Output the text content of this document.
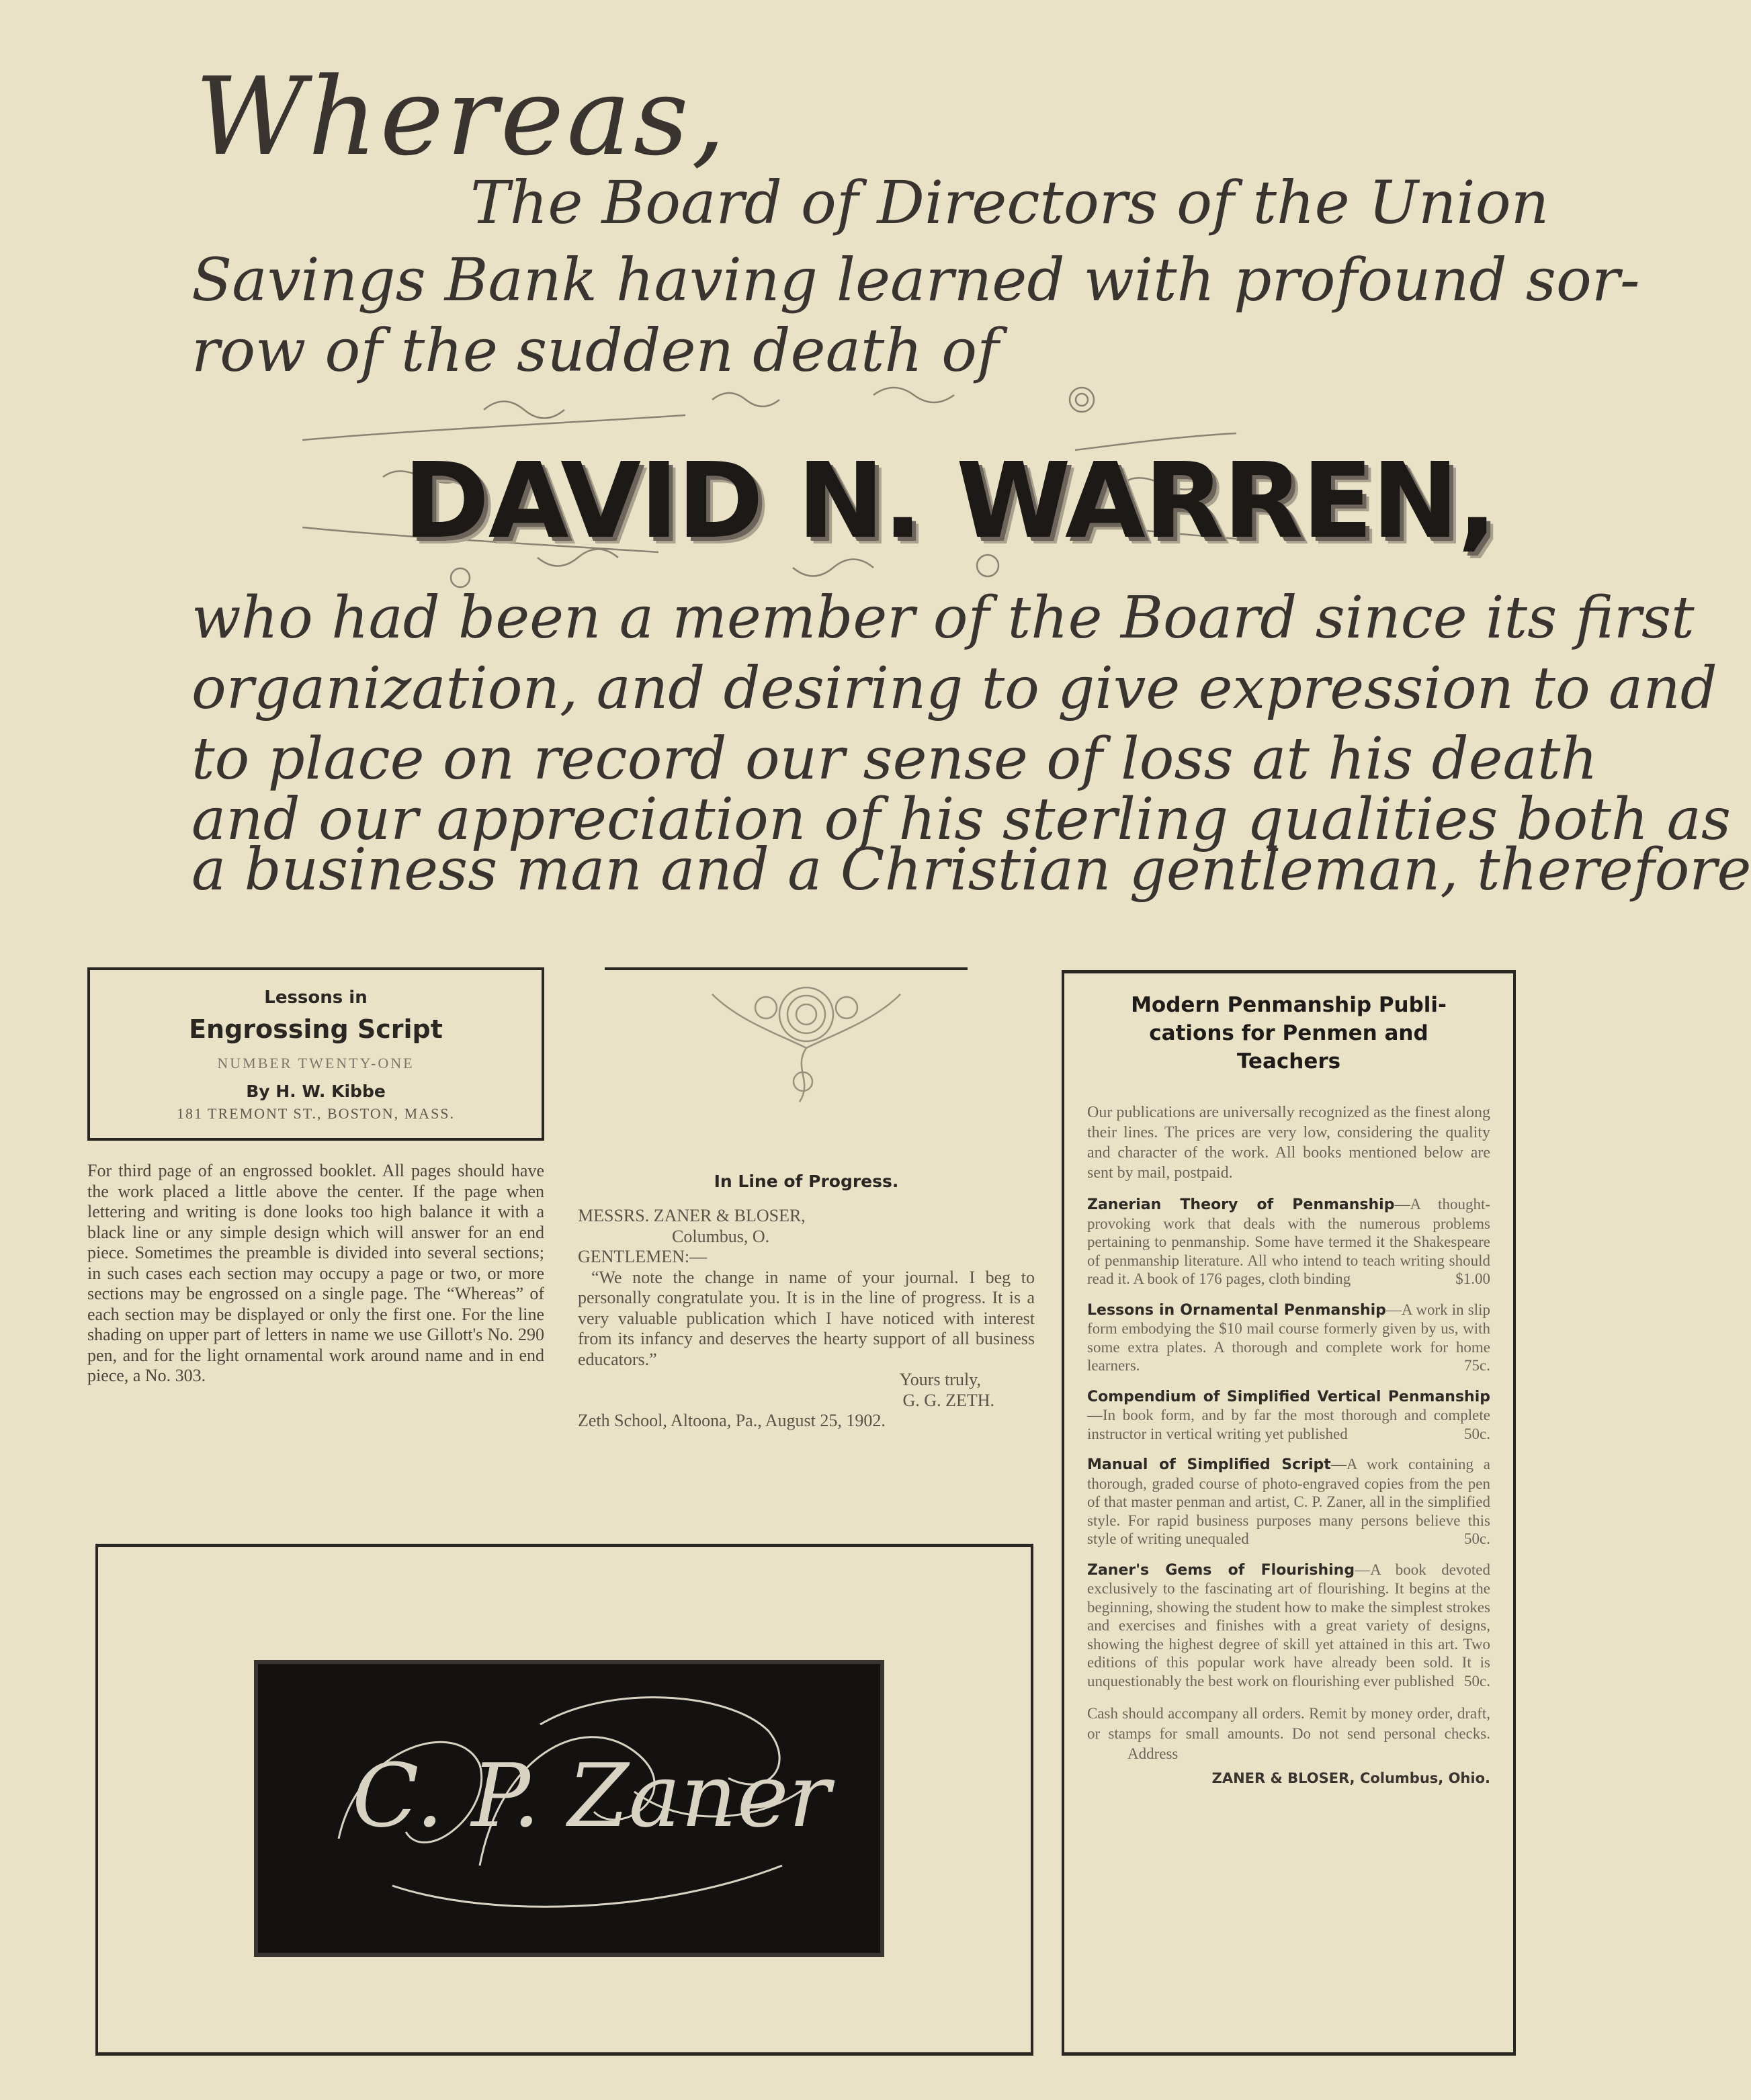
Whereas,
The Board of Directors of the Union
Savings Bank having learned with profound sor-
row of the sudden death of
DAVID N. WARREN,
who had been a member of the Board since its first
organization, and desiring to give expression to and
to place on record our sense of loss at his death
and our appreciation of his sterling qualities both as
a business man and a Christian gentleman, therefore
Lessons in
Engrossing Script
NUMBER TWENTY-ONE
By H. W. Kibbe
181 TREMONT ST., BOSTON, MASS.
For third page of an engrossed booklet. All pages should have the work placed a little above the center. If the page when lettering and writing is done looks too high balance it with a black line or any simple design which will answer for an end piece. Sometimes the preamble is divided into several sections; in such cases each section may occupy a page or two, or more sections may be engrossed on a single page. The “Whereas” of each section may be displayed or only the first one. For the line shading on upper part of letters in name we use Gillott's No. 290 pen, and for the light ornamental work around name and in end piece, a No. 303.
In Line of Progress.
MESSRS. ZANER & BLOSER,
Columbus, O.
GENTLEMEN:—
“We note the change in name of your journal. I beg to personally congratulate you. It is in the line of progress. It is a very valuable publication which I have noticed with interest from its infancy and deserves the hearty support of all business educators.”
Yours truly,
G. G. ZETH.
Zeth School, Altoona, Pa., August 25, 1902.
C. P. Zaner
Modern Penmanship Publi-
cations for Penmen and
Teachers
Our publications are universally recognized as the finest along their lines. The prices are very low, considering the quality and character of the work. All books mentioned below are sent by mail, postpaid.
Zanerian Theory of Penmanship—A thought-provoking work that deals with the numerous problems pertaining to penmanship. Some have termed it the Shakespeare of penmanship literature. All who intend to teach writing should read it. A book of 176 pages, cloth binding	$1.00
Lessons in Ornamental Penmanship—A work in slip form embodying the $10 mail course formerly given by us, with some extra plates. A thorough and complete work for home learners.	75c.
Compendium of Simplified Vertical Penmanship—In book form, and by far the most thorough and complete instructor in vertical writing yet published	50c.
Manual of Simplified Script—A work containing a thorough, graded course of photo-engraved copies from the pen of that master penman and artist, C. P. Zaner, all in the simplified style. For rapid business purposes many persons believe this style of writing unequaled	50c.
Zaner's Gems of Flourishing—A book devoted exclusively to the fascinating art of flourishing. It begins at the beginning, showing the student how to make the simplest strokes and exercises and finishes with a great variety of designs, showing the highest degree of skill yet attained in this art. Two editions of this popular work have already been sold. It is unquestionably the best work on flourishing ever published 50c.
Cash should accompany all orders. Remit by money order, draft, or stamps for small amounts. Do not send personal checks. Address
ZANER & BLOSER, Columbus, Ohio.
